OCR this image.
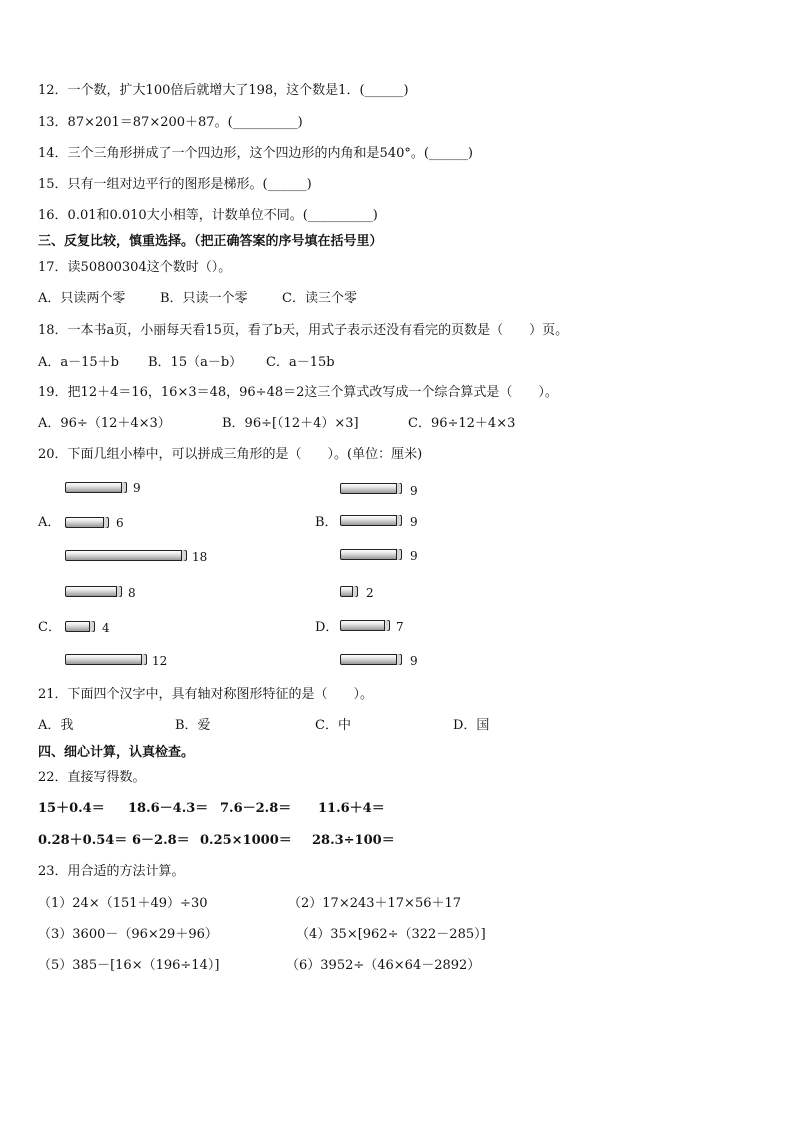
12．一个数，扩大100倍后就增大了198，这个数是1．(______)
13．87×201＝87×200＋87。(__________)
14．三个三角形拼成了一个四边形，这个四边形的内角和是540°。(______)
15．只有一组对边平行的图形是梯形。(______)
16．0.01和0.010大小相等，计数单位不同。(__________)
三、反复比较，慎重选择。（把正确答案的序号填在括号里）
17．读50800304这个数时（）。
A．只读两个零	B．只读一个零	C．读三个零
18．一本书a页，小丽每天看15页，看了b天，用式子表示还没有看完的页数是（　　）页。
A．a－15＋b B．15（a－b） C．a－15b
19．把12＋4＝16，16×3＝48，96÷48＝2这三个算式改写成一个综合算式是（　　）。
A．96÷（12＋4×3）	B．96÷[（12＋4）×3]	C．96÷12＋4×3
20．下面几组小棒中，可以拼成三角形的是（　　）。(单位：厘米)
A．
9
6
18
B．
9
9
9
C．
8
4
12
D．
2
7
9
21．下面四个汉字中，具有轴对称图形特征的是（　　）。
A．我	B．爱	C．中	D．国
四、细心计算，认真检查。
22．直接写得数。
15＋0.4＝ 18.6－4.3＝ 7.6－2.8＝ 11.6＋4＝
0.28＋0.54＝ 6－2.8＝ 0.25×1000＝ 28.3÷100＝
23．用合适的方法计算。
（1）24×（151＋49）÷30	（2）17×243＋17×56＋17
（3）3600－（96×29＋96）	（4）35×[962÷（322－285）]
（5）385－[16×（196÷14）]	（6）3952÷（46×64－2892）
